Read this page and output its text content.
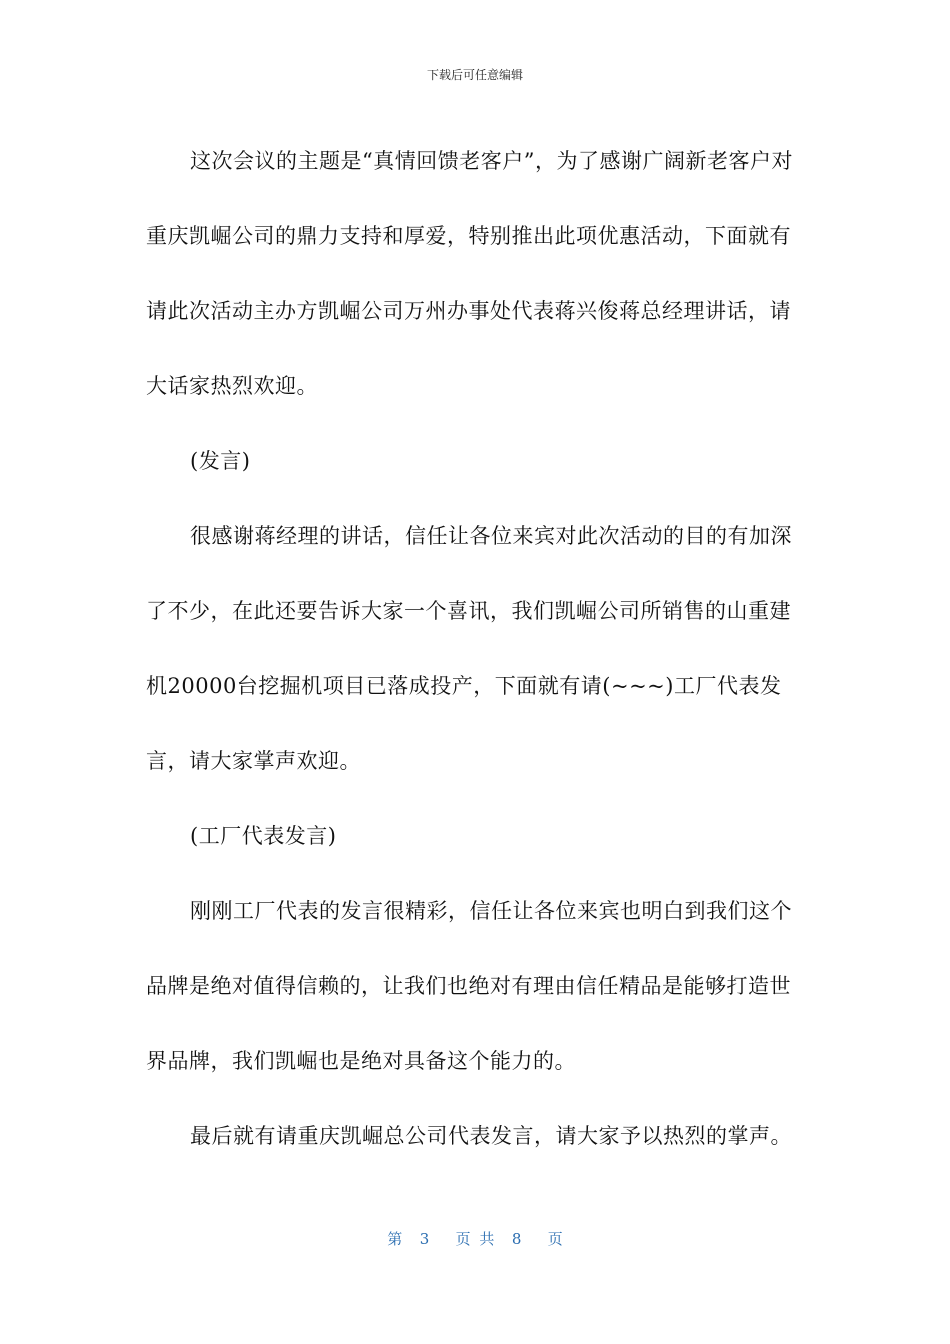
下载后可任意编辑

这次会议的主题是“真情回馈老客户”，为了感谢广阔新老客户对重庆凯崛公司的鼎力支持和厚爱，特别推出此项优惠活动，下面就有请此次活动主办方凯崛公司万州办事处代表蒋兴俊蒋总经理讲话，请大话家热烈欢迎。

(发言)

很感谢蒋经理的讲话，信任让各位来宾对此次活动的目的有加深了不少，在此还要告诉大家一个喜讯，我们凯崛公司所销售的山重建机20000台挖掘机项目已落成投产，下面就有请(~~~)工厂代表发言，请大家掌声欢迎。

(工厂代表发言)

刚刚工厂代表的发言很精彩，信任让各位来宾也明白到我们这个品牌是绝对值得信赖的，让我们也绝对有理由信任精品是能够打造世界品牌，我们凯崛也是绝对具备这个能力的。

最后就有请重庆凯崛总公司代表发言，请大家予以热烈的掌声。

第  3   页 共  8   页
